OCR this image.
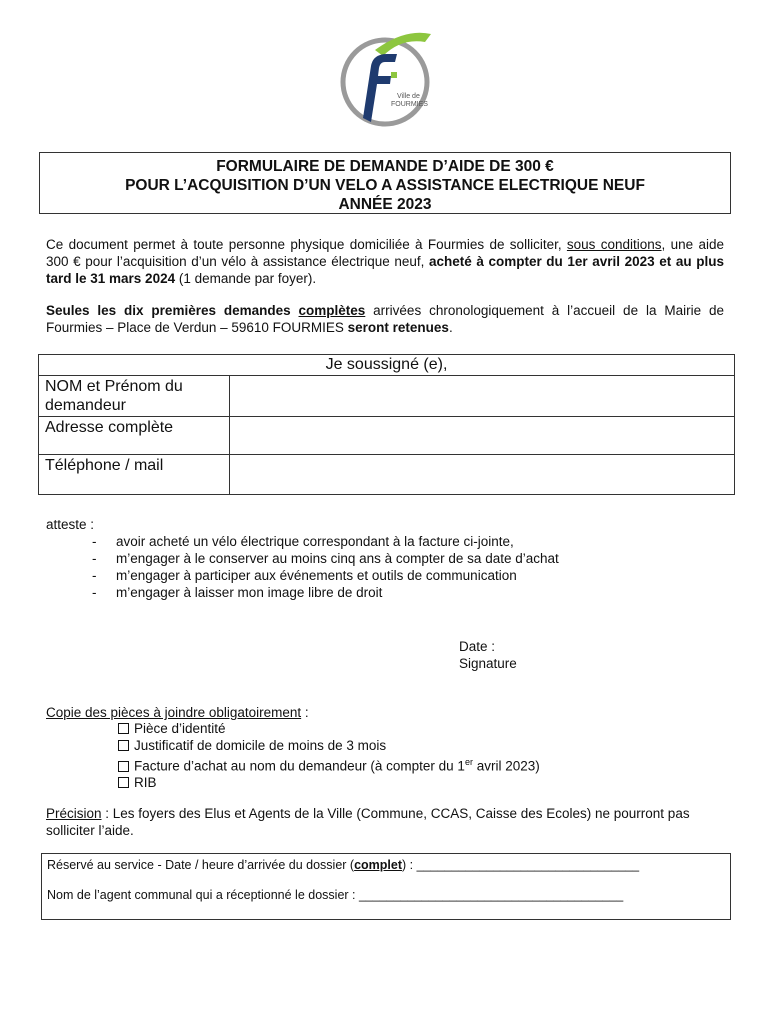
Ville de
FOURMIES
FORMULAIRE DE DEMANDE D’AIDE DE 300 €
POUR L’ACQUISITION D’UN VELO A ASSISTANCE ELECTRIQUE NEUF
ANNÉE 2023
Ce document permet à toute personne physique domiciliée à Fourmies de solliciter, sous conditions, une aide 300 € pour l’acquisition d’un vélo à assistance électrique neuf, acheté à compter du 1er avril 2023 et au plus tard le 31 mars 2024 (1 demande par foyer).
Seules les dix premières demandes complètes arrivées chronologiquement à l’accueil de la Mairie de Fourmies – Place de Verdun – 59610 FOURMIES seront retenues.
Je soussigné (e),	
NOM et Prénom du demandeur	
Adresse complète	
Téléphone / mail	
atteste :
- avoir acheté un vélo électrique correspondant à la facture ci-jointe,
- m’engager à le conserver au moins cinq ans à compter de sa date d’achat
- m’engager à participer aux événements et outils de communication
- m’engager à laisser mon image libre de droit
Date :
Signature
Copie des pièces à joindre obligatoirement :
Pièce d’identité
Justificatif de domicile de moins de 3 mois
Facture d’achat au nom du demandeur (à compter du 1er avril 2023)
RIB
Précision : Les foyers des Elus et Agents de la Ville (Commune, CCAS, Caisse des Ecoles) ne pourront pas solliciter l’aide.
Réservé au service - Date / heure d’arrivée du dossier (complet) : ________________________________
Nom de l’agent communal qui a réceptionné le dossier : ______________________________________
